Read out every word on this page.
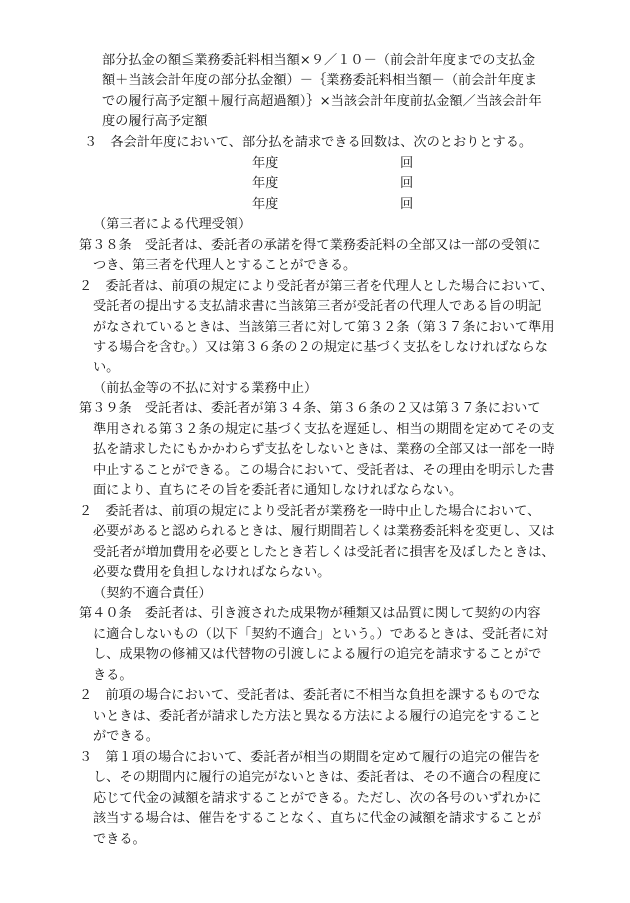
部分払金の額≦業務委託料相当額×９／１０－（前会計年度までの支払金
額＋当該会計年度の部分払金額）－｛業務委託料相当額－（前会計年度ま
での履行高予定額＋履行高超過額）｝×当該会計年度前払金額／当該会計年
度の履行高予定額
３　各会計年度において、部分払を請求できる回数は、次のとおりとする。
年度	回
年度	回
年度	回
（第三者による代理受領）
第３８条　受託者は、委託者の承諾を得て業務委託料の全部又は一部の受領に
つき、第三者を代理人とすることができる。
２　委託者は、前項の規定により受託者が第三者を代理人とした場合において、
受託者の提出する支払請求書に当該第三者が受託者の代理人である旨の明記
がなされているときは、当該第三者に対して第３２条（第３７条において準用
する場合を含む。）又は第３６条の２の規定に基づく支払をしなければならな
い。
（前払金等の不払に対する業務中止）
第３９条　受託者は、委託者が第３４条、第３６条の２又は第３７条において
準用される第３２条の規定に基づく支払を遅延し、相当の期間を定めてその支
払を請求したにもかかわらず支払をしないときは、業務の全部又は一部を一時
中止することができる。この場合において、受託者は、その理由を明示した書
面により、直ちにその旨を委託者に通知しなければならない。
２　委託者は、前項の規定により受託者が業務を一時中止した場合において、
必要があると認められるときは、履行期間若しくは業務委託料を変更し、又は
受託者が増加費用を必要としたとき若しくは受託者に損害を及ぼしたときは、
必要な費用を負担しなければならない。
（契約不適合責任）
第４０条　委託者は、引き渡された成果物が種類又は品質に関して契約の内容
に適合しないもの（以下「契約不適合」という。）であるときは、受託者に対
し、成果物の修補又は代替物の引渡しによる履行の追完を請求することがで
きる。
２　前項の場合において、受託者は、委託者に不相当な負担を課するものでな
いときは、委託者が請求した方法と異なる方法による履行の追完をすること
ができる。
３　第１項の場合において、委託者が相当の期間を定めて履行の追完の催告を
し、その期間内に履行の追完がないときは、委託者は、その不適合の程度に
応じて代金の減額を請求することができる。ただし、次の各号のいずれかに
該当する場合は、催告をすることなく、直ちに代金の減額を請求することが
できる。
